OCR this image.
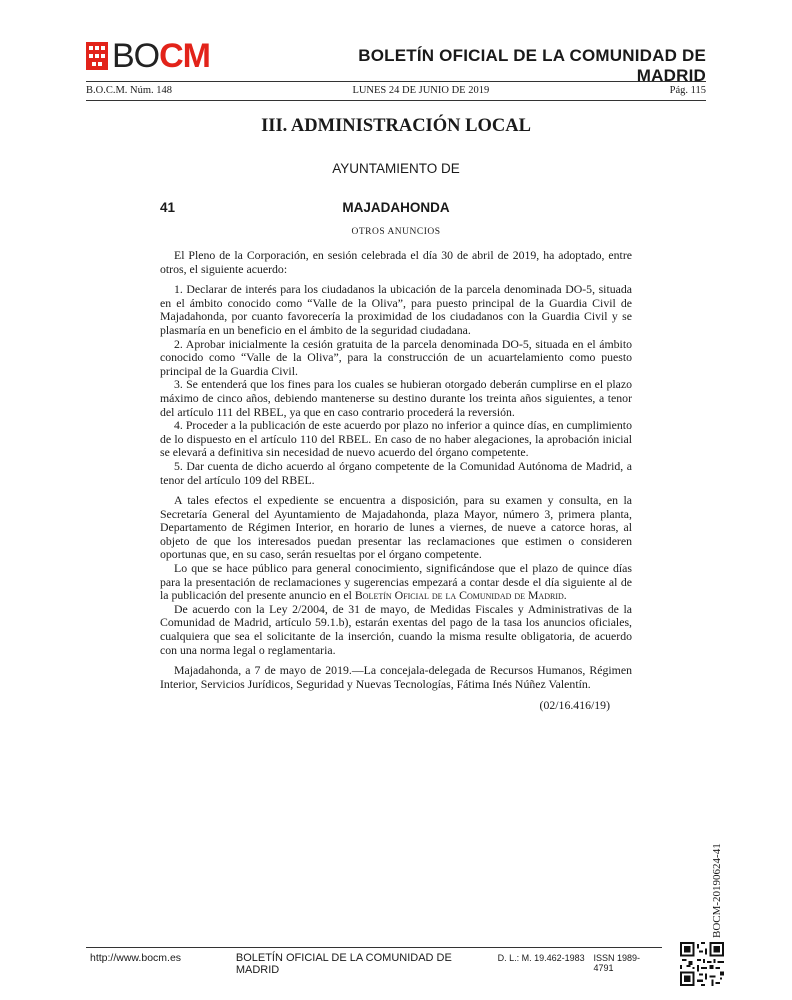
BO CM	BOLETÍN OFICIAL DE LA COMUNIDAD DE MADRID
B.O.C.M. Núm. 148	LUNES 24 DE JUNIO DE 2019	Pág. 115
III. ADMINISTRACIÓN LOCAL
AYUNTAMIENTO DE
41	MAJADAHONDA
OTROS ANUNCIOS

El Pleno de la Corporación, en sesión celebrada el día 30 de abril de 2019, ha adoptado, entre otros, el siguiente acuerdo:

1. Declarar de interés para los ciudadanos la ubicación de la parcela denominada DO-5, situada en el ámbito conocido como “Valle de la Oliva”, para puesto principal de la Guardia Civil de Majadahonda, por cuanto favorecería la proximidad de los ciudadanos con la Guardia Civil y se plasmaría en un beneficio en el ámbito de la seguridad ciudadana.

2. Aprobar inicialmente la cesión gratuita de la parcela denominada DO-5, situada en el ámbito conocido como “Valle de la Oliva”, para la construcción de un acuartelamiento como puesto principal de la Guardia Civil.

3. Se entenderá que los fines para los cuales se hubieran otorgado deberán cumplirse en el plazo máximo de cinco años, debiendo mantenerse su destino durante los treinta años siguientes, a tenor del artículo 111 del RBEL, ya que en caso contrario procederá la reversión.

4. Proceder a la publicación de este acuerdo por plazo no inferior a quince días, en cumplimiento de lo dispuesto en el artículo 110 del RBEL. En caso de no haber alegaciones, la aprobación inicial se elevará a definitiva sin necesidad de nuevo acuerdo del órgano competente.

5. Dar cuenta de dicho acuerdo al órgano competente de la Comunidad Autónoma de Madrid, a tenor del artículo 109 del RBEL.

A tales efectos el expediente se encuentra a disposición, para su examen y consulta, en la Secretaría General del Ayuntamiento de Majadahonda, plaza Mayor, número 3, primera planta, Departamento de Régimen Interior, en horario de lunes a viernes, de nueve a catorce horas, al objeto de que los interesados puedan presentar las reclamaciones que estimen o consideren oportunas que, en su caso, serán resueltas por el órgano competente.

Lo que se hace público para general conocimiento, significándose que el plazo de quince días para la presentación de reclamaciones y sugerencias empezará a contar desde el día siguiente al de la publicación del presente anuncio en el Boletín Oficial de la Comunidad de Madrid.

De acuerdo con la Ley 2/2004, de 31 de mayo, de Medidas Fiscales y Administrativas de la Comunidad de Madrid, artículo 59.1.b), estarán exentas del pago de la tasa los anuncios oficiales, cualquiera que sea el solicitante de la inserción, cuando la misma resulte obligatoria, de acuerdo con una norma legal o reglamentaria.

Majadahonda, a 7 de mayo de 2019.—La concejala-delegada de Recursos Humanos, Régimen Interior, Servicios Jurídicos, Seguridad y Nuevas Tecnologías, Fátima Inés Núñez Valentín.

(02/16.416/19)

BOCM-20190624-41
http://www.bocm.es	BOLETÍN OFICIAL DE LA COMUNIDAD DE MADRID
D. L.: M. 19.462-1983 ISSN 1989-4791
